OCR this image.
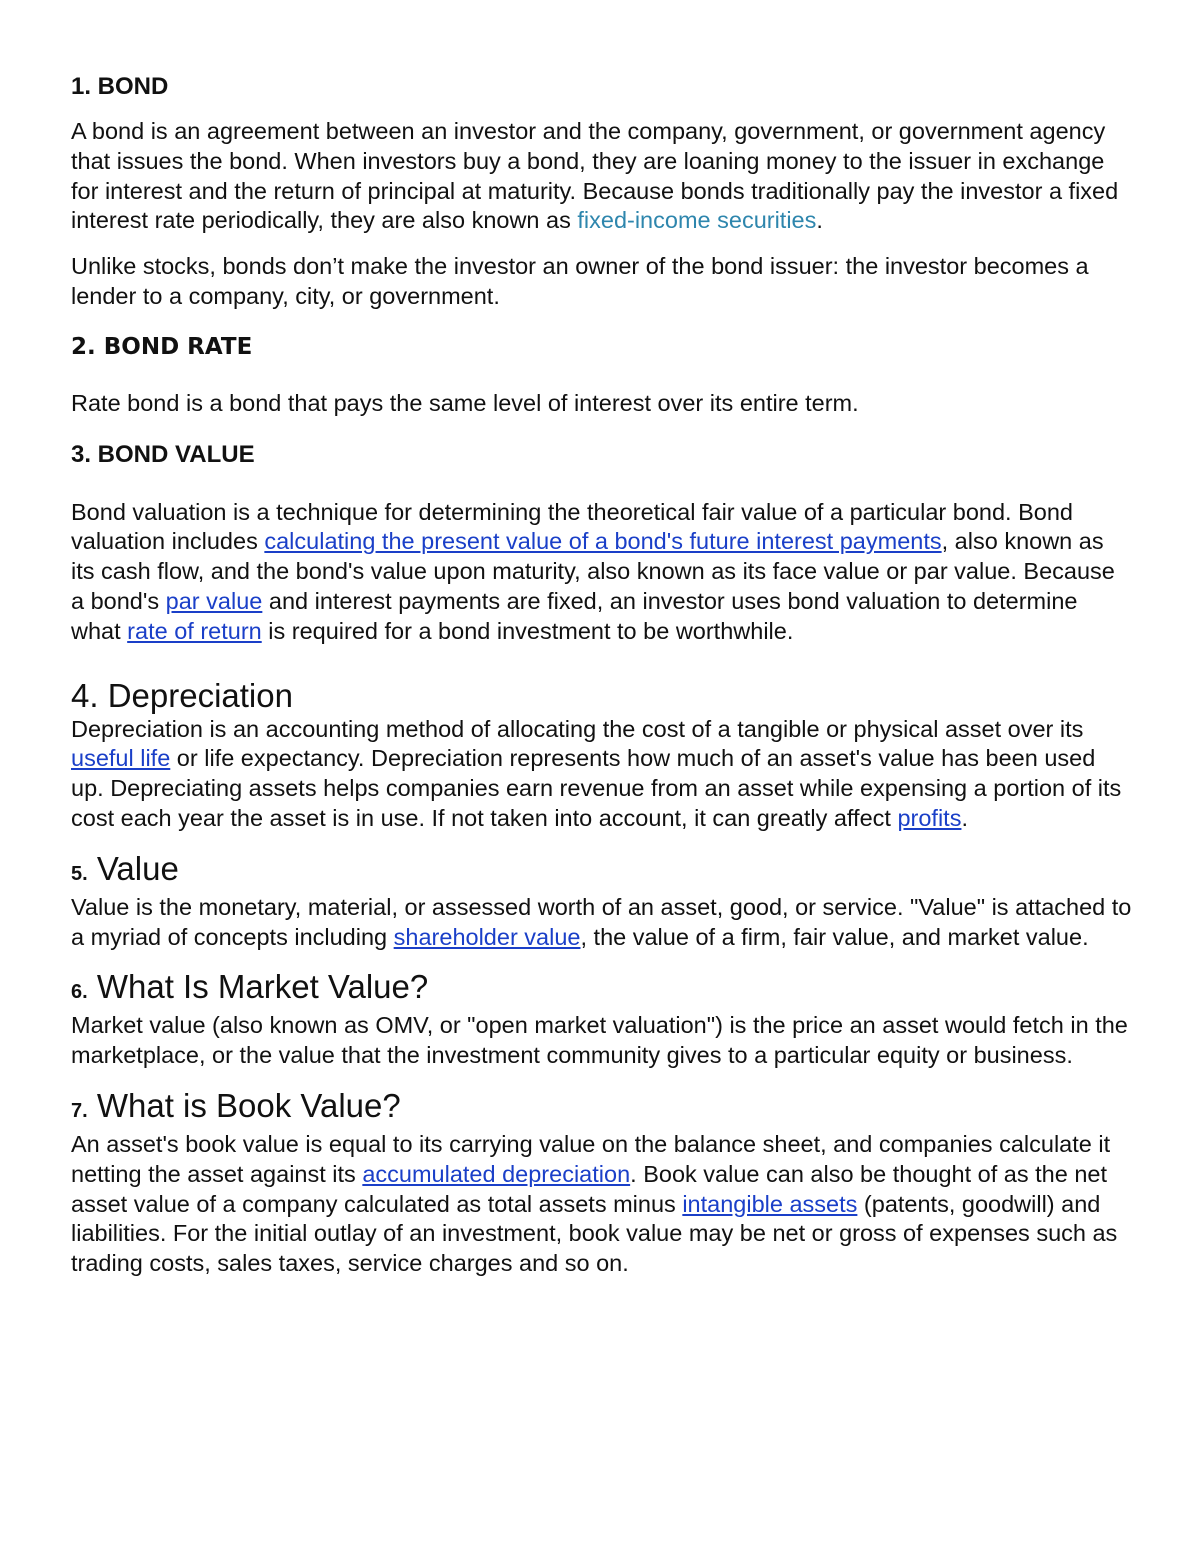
1. BOND

A bond is an agreement between an investor and the company, government, or government agency that issues the bond. When investors buy a bond, they are loaning money to the issuer in exchange for interest and the return of principal at maturity. Because bonds traditionally pay the investor a fixed interest rate periodically, they are also known as fixed-income securities.

Unlike stocks, bonds don’t make the investor an owner of the bond issuer: the investor becomes a lender to a company, city, or government.

2. BOND RATE

Rate bond is a bond that pays the same level of interest over its entire term.

3. BOND VALUE

Bond valuation is a technique for determining the theoretical fair value of a particular bond. Bond valuation includes calculating the present value of a bond's future interest payments, also known as its cash flow, and the bond's value upon maturity, also known as its face value or par value. Because a bond's par value and interest payments are fixed, an investor uses bond valuation to determine what rate of return is required for a bond investment to be worthwhile.

4. Depreciation

Depreciation is an accounting method of allocating the cost of a tangible or physical asset over its useful life or life expectancy. Depreciation represents how much of an asset's value has been used up. Depreciating assets helps companies earn revenue from an asset while expensing a portion of its cost each year the asset is in use. If not taken into account, it can greatly affect profits.

5. Value

Value is the monetary, material, or assessed worth of an asset, good, or service. "Value" is attached to a myriad of concepts including shareholder value, the value of a firm, fair value, and market value.

6. What Is Market Value?

Market value (also known as OMV, or "open market valuation") is the price an asset would fetch in the marketplace, or the value that the investment community gives to a particular equity or business.

7. What is Book Value?

An asset's book value is equal to its carrying value on the balance sheet, and companies calculate it netting the asset against its accumulated depreciation. Book value can also be thought of as the net asset value of a company calculated as total assets minus intangible assets (patents, goodwill) and liabilities. For the initial outlay of an investment, book value may be net or gross of expenses such as trading costs, sales taxes, service charges and so on.
